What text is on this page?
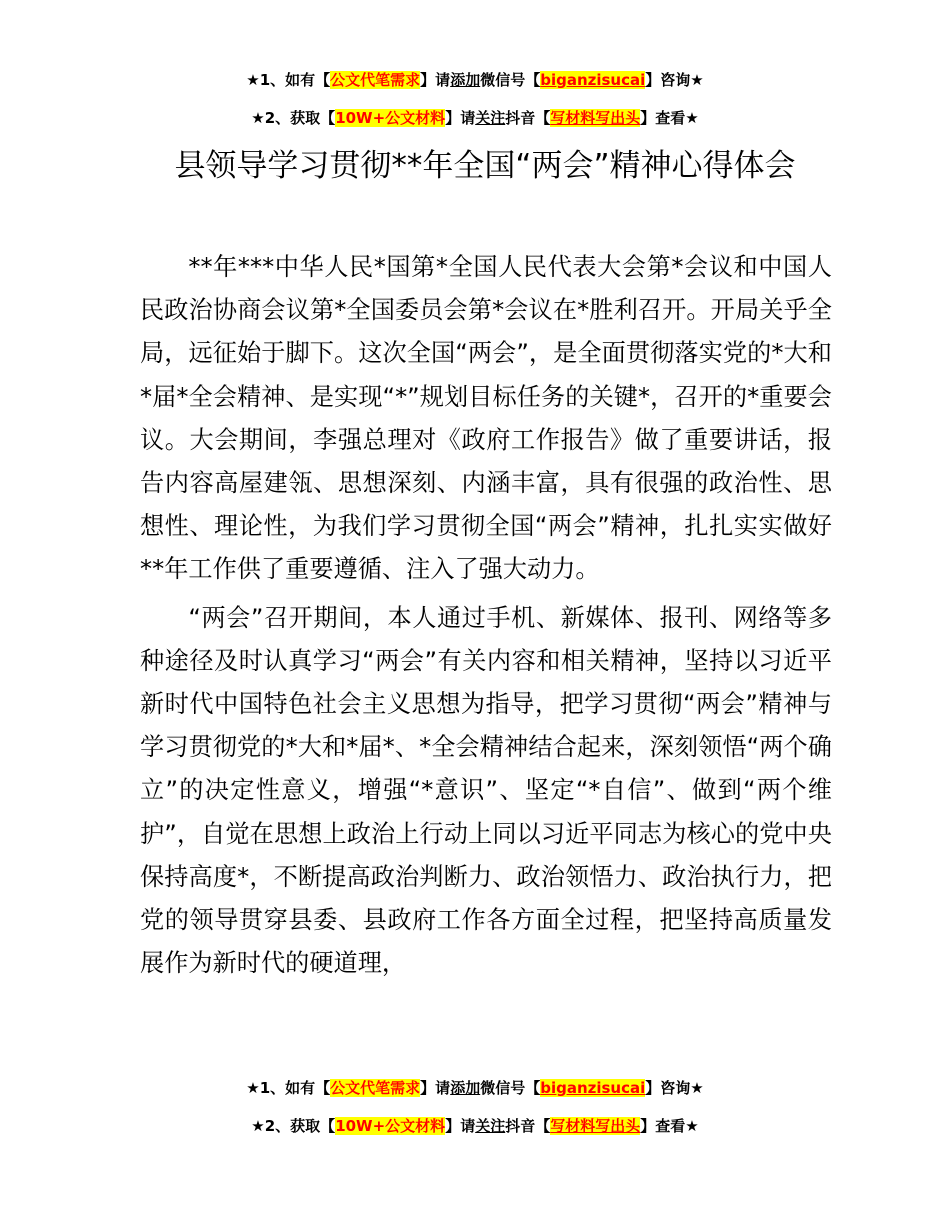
★1、如有【公文代笔需求】请添加微信号【biganzisucai】咨询★
★2、获取【10W+公文材料】请关注抖音【写材料写出头】查看★
县领导学习贯彻**年全国“两会”精神心得体会

**年***中华人民*国第*全国人民代表大会第*会议和中国人民政治协商会议第*全国委员会第*会议在*胜利召开。开局关乎全局，远征始于脚下。这次全国“两会”，是全面贯彻落实党的*大和*届*全会精神、是实现“*”规划目标任务的关键*，召开的*重要会议。大会期间，李强总理对《政府工作报告》做了重要讲话，报告内容高屋建瓴、思想深刻、内涵丰富，具有很强的政治性、思想性、理论性，为我们学习贯彻全国“两会”精神，扎扎实实做好**年工作供了重要遵循、注入了强大动力。

“两会”召开期间，本人通过手机、新媒体、报刊、网络等多种途径及时认真学习“两会”有关内容和相关精神，坚持以习近平新时代中国特色社会主义思想为指导，把学习贯彻“两会”精神与学习贯彻党的*大和*届*、*全会精神结合起来，深刻领悟“两个确立”的决定性意义，增强“*意识”、坚定“*自信”、做到“两个维护”，自觉在思想上政治上行动上同以习近平同志为核心的党中央保持高度*，不断提高政治判断力、政治领悟力、政治执行力，把党的领导贯穿县委、县政府工作各方面全过程，把坚持高质量发展作为新时代的硬道理，

★1、如有【公文代笔需求】请添加微信号【biganzisucai】咨询★
★2、获取【10W+公文材料】请关注抖音【写材料写出头】查看★
